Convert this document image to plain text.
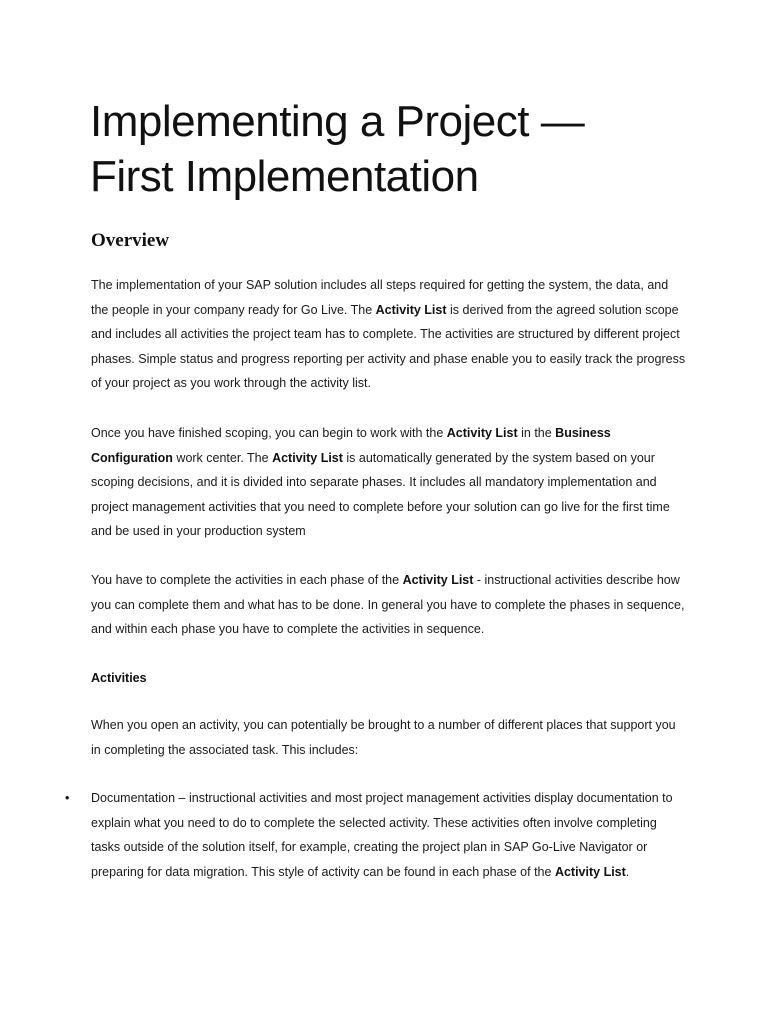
Implementing a Project —
First Implementation
Overview

The implementation of your SAP solution includes all steps required for getting the system, the data, and the people in your company ready for Go Live. The Activity List is derived from the agreed solution scope and includes all activities the project team has to complete. The activities are structured by different project phases. Simple status and progress reporting per activity and phase enable you to easily track the progress of your project as you work through the activity list.

Once you have finished scoping, you can begin to work with the Activity List in the Business Configuration work center. The Activity List is automatically generated by the system based on your scoping decisions, and it is divided into separate phases. It includes all mandatory implementation and project management activities that you need to complete before your solution can go live for the first time and be used in your production system

You have to complete the activities in each phase of the Activity List - instructional activities describe how you can complete them and what has to be done. In general you have to complete the phases in sequence, and within each phase you have to complete the activities in sequence.

Activities

When you open an activity, you can potentially be brought to a number of different places that support you in completing the associated task. This includes:

• Documentation – instructional activities and most project management activities display documentation to explain what you need to do to complete the selected activity. These activities often involve completing tasks outside of the solution itself, for example, creating the project plan in SAP Go-Live Navigator or preparing for data migration. This style of activity can be found in each phase of the Activity List.
